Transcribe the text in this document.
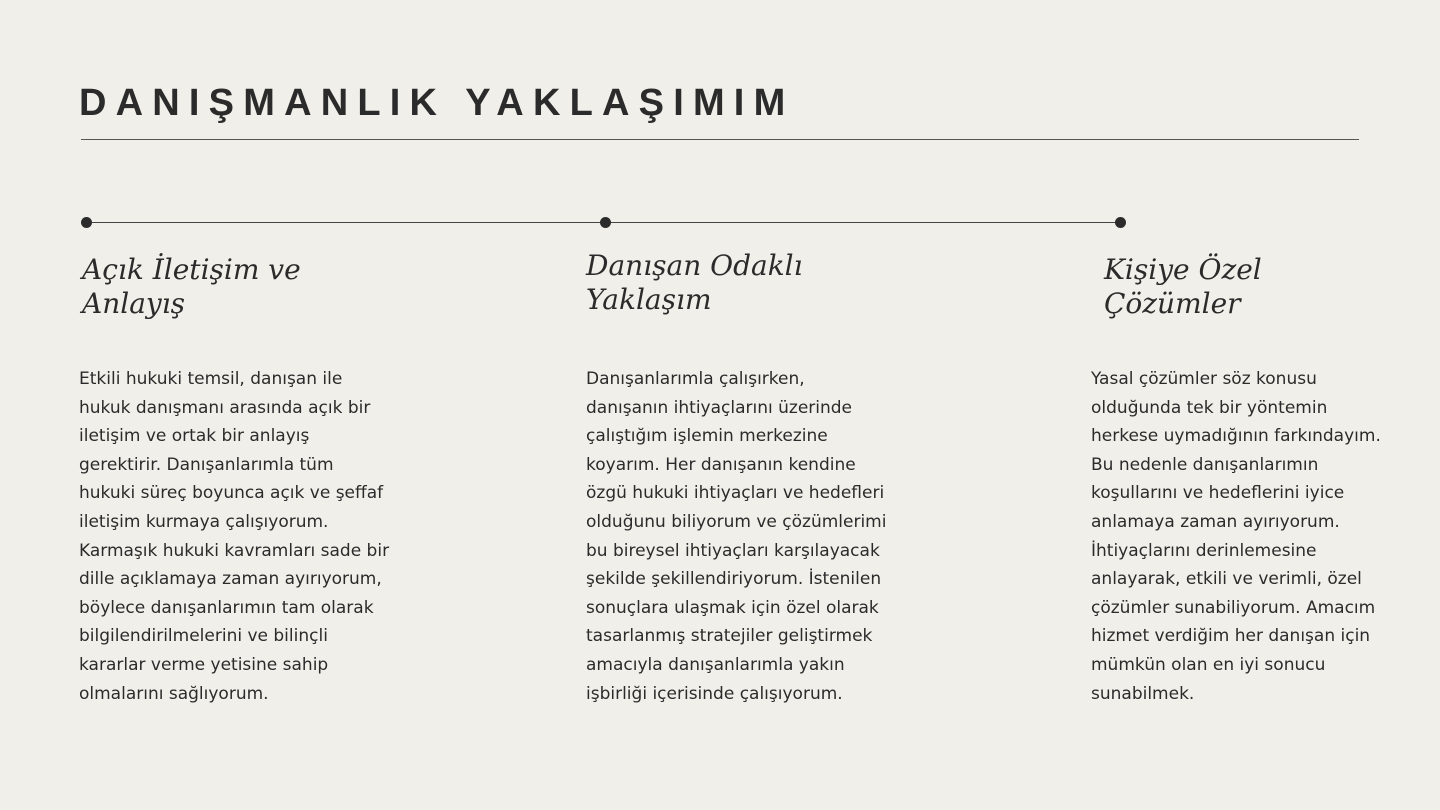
DANIŞMANLIK YAKLAŞIMIM
Açık İletişim ve
Anlayış

Etkili hukuki temsil, danışan ile
hukuk danışmanı arasında açık bir
iletişim ve ortak bir anlayış
gerektirir. Danışanlarımla tüm
hukuki süreç boyunca açık ve şeffaf
iletişim kurmaya çalışıyorum.
Karmaşık hukuki kavramları sade bir
dille açıklamaya zaman ayırıyorum,
böylece danışanlarımın tam olarak
bilgilendirilmelerini ve bilinçli
kararlar verme yetisine sahip
olmalarını sağlıyorum.

Danışan Odaklı
Yaklaşım

Danışanlarımla çalışırken,
danışanın ihtiyaçlarını üzerinde
çalıştığım işlemin merkezine
koyarım. Her danışanın kendine
özgü hukuki ihtiyaçları ve hedefleri
olduğunu biliyorum ve çözümlerimi
bu bireysel ihtiyaçları karşılayacak
şekilde şekillendiriyorum. İstenilen
sonuçlara ulaşmak için özel olarak
tasarlanmış stratejiler geliştirmek
amacıyla danışanlarımla yakın
işbirliği içerisinde çalışıyorum.

Kişiye Özel
Çözümler

Yasal çözümler söz konusu
olduğunda tek bir yöntemin
herkese uymadığının farkındayım.
Bu nedenle danışanlarımın
koşullarını ve hedeflerini iyice
anlamaya zaman ayırıyorum.
İhtiyaçlarını derinlemesine
anlayarak, etkili ve verimli, özel
çözümler sunabiliyorum. Amacım
hizmet verdiğim her danışan için
mümkün olan en iyi sonucu
sunabilmek.
